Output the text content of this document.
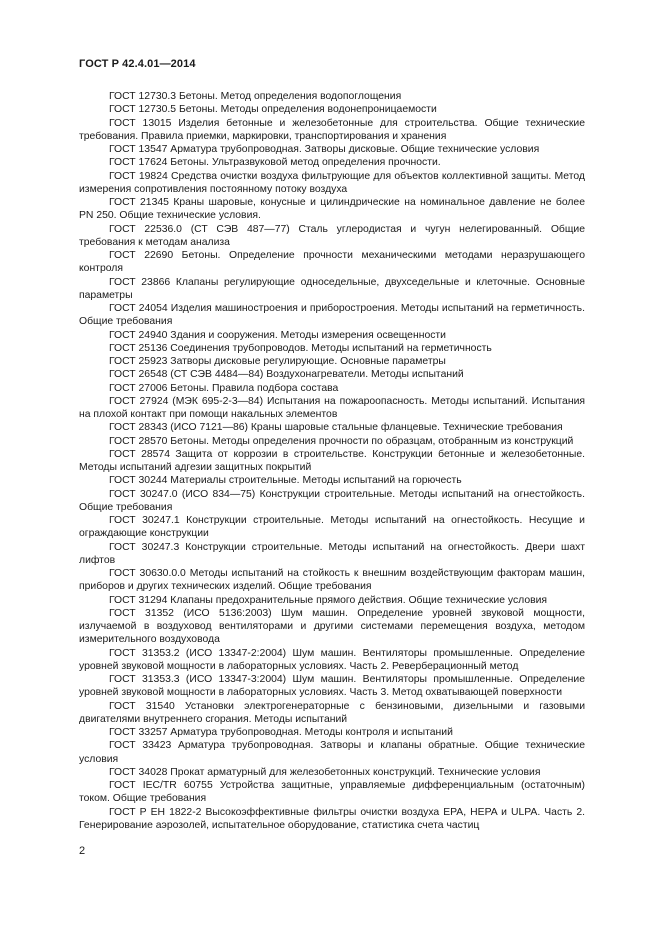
ГОСТ Р 42.4.01—2014

ГОСТ 12730.3 Бетоны. Метод определения водопоглощения

ГОСТ 12730.5 Бетоны. Методы определения водонепроницаемости

ГОСТ 13015 Изделия бетонные и железобетонные для строительства. Общие технические требования. Правила приемки, маркировки, транспортирования и хранения

ГОСТ 13547 Арматура трубопроводная. Затворы дисковые. Общие технические условия

ГОСТ 17624 Бетоны. Ультразвуковой метод определения прочности.

ГОСТ 19824 Средства очистки воздуха фильтрующие для объектов коллективной защиты. Метод измерения сопротивления постоянному потоку воздуха

ГОСТ 21345 Краны шаровые, конусные и цилиндрические на номинальное давление не более PN 250. Общие технические условия.

ГОСТ 22536.0 (СТ СЭВ 487—77) Сталь углеродистая и чугун нелегированный. Общие требования к методам анализа

ГОСТ 22690 Бетоны. Определение прочности механическими методами неразрушающего контроля

ГОСТ 23866 Клапаны регулирующие односедельные, двухседельные и клеточные. Основные параметры

ГОСТ 24054 Изделия машиностроения и приборостроения. Методы испытаний на герметичность. Общие требования

ГОСТ 24940 Здания и сооружения. Методы измерения освещенности

ГОСТ 25136 Соединения трубопроводов. Методы испытаний на герметичность

ГОСТ 25923 Затворы дисковые регулирующие. Основные параметры

ГОСТ 26548 (СТ СЭВ 4484—84) Воздухонагреватели. Методы испытаний

ГОСТ 27006 Бетоны. Правила подбора состава

ГОСТ 27924 (МЭК 695-2-3—84) Испытания на пожароопасность. Методы испытаний. Испытания на плохой контакт при помощи накальных элементов

ГОСТ 28343 (ИСО 7121—86) Краны шаровые стальные фланцевые. Технические требования

ГОСТ 28570 Бетоны. Методы определения прочности по образцам, отобранным из конструкций

ГОСТ 28574 Защита от коррозии в строительстве. Конструкции бетонные и железобетонные. Методы испытаний адгезии защитных покрытий

ГОСТ 30244 Материалы строительные. Методы испытаний на горючесть

ГОСТ 30247.0 (ИСО 834—75) Конструкции строительные. Методы испытаний на огнестойкость. Общие требования

ГОСТ 30247.1 Конструкции строительные. Методы испытаний на огнестойкость. Несущие и ограждающие конструкции

ГОСТ 30247.3 Конструкции строительные. Методы испытаний на огнестойкость. Двери шахт лифтов

ГОСТ 30630.0.0 Методы испытаний на стойкость к внешним воздействующим факторам машин, приборов и других технических изделий. Общие требования

ГОСТ 31294 Клапаны предохранительные прямого действия. Общие технические условия

ГОСТ 31352 (ИСО 5136:2003) Шум машин. Определение уровней звуковой мощности, излучаемой в воздуховод вентиляторами и другими системами перемещения воздуха, методом измерительного воздуховода

ГОСТ 31353.2 (ИСО 13347-2:2004) Шум машин. Вентиляторы промышленные. Определение уровней звуковой мощности в лабораторных условиях. Часть 2. Реверберационный метод

ГОСТ 31353.3 (ИСО 13347-3:2004) Шум машин. Вентиляторы промышленные. Определение уровней звуковой мощности в лабораторных условиях. Часть 3. Метод охватывающей поверхности

ГОСТ 31540 Установки электрогенераторные с бензиновыми, дизельными и газовыми двигателями внутреннего сгорания. Методы испытаний

ГОСТ 33257 Арматура трубопроводная. Методы контроля и испытаний

ГОСТ 33423 Арматура трубопроводная. Затворы и клапаны обратные. Общие технические условия

ГОСТ 34028 Прокат арматурный для железобетонных конструкций. Технические условия

ГОСТ IEC/TR 60755 Устройства защитные, управляемые дифференциальным (остаточным) током. Общие требования

ГОСТ Р ЕН 1822-2 Высокоэффективные фильтры очистки воздуха EPA, HEPA и ULPA. Часть 2. Генерирование аэрозолей, испытательное оборудование, статистика счета частиц

2
